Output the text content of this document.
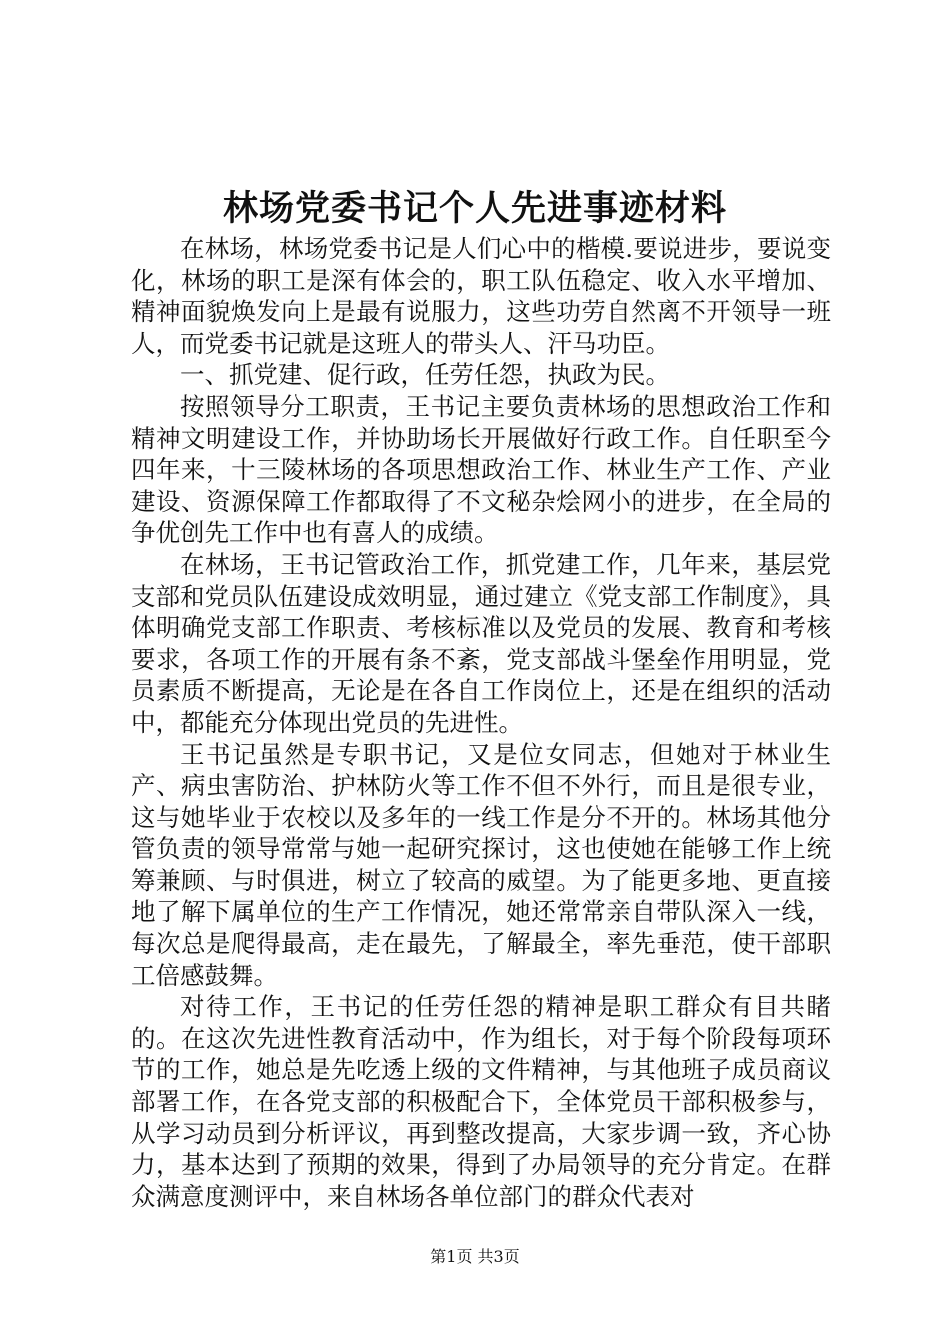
林场党委书记个人先进事迹材料

在林场，林场党委书记是人们心中的楷模.要说进步，要说变化，林场的职工是深有体会的，职工队伍稳定、收入水平增加、精神面貌焕发向上是最有说服力，这些功劳自然离不开领导一班人，而党委书记就是这班人的带头人、汗马功臣。

一、抓党建、促行政，任劳任怨，执政为民。

按照领导分工职责，王书记主要负责林场的思想政治工作和精神文明建设工作，并协助场长开展做好行政工作。自任职至今四年来，十三陵林场的各项思想政治工作、林业生产工作、产业建设、资源保障工作都取得了不文秘杂烩网小的进步，在全局的争优创先工作中也有喜人的成绩。

在林场，王书记管政治工作，抓党建工作，几年来，基层党支部和党员队伍建设成效明显，通过建立《党支部工作制度》，具体明确党支部工作职责、考核标准以及党员的发展、教育和考核要求，各项工作的开展有条不紊，党支部战斗堡垒作用明显，党员素质不断提高，无论是在各自工作岗位上，还是在组织的活动中，都能充分体现出党员的先进性。

王书记虽然是专职书记，又是位女同志，但她对于林业生产、病虫害防治、护林防火等工作不但不外行，而且是很专业，这与她毕业于农校以及多年的一线工作是分不开的。林场其他分管负责的领导常常与她一起研究探讨，这也使她在能够工作上统筹兼顾、与时俱进，树立了较高的威望。为了能更多地、更直接地了解下属单位的生产工作情况，她还常常亲自带队深入一线，每次总是爬得最高，走在最先，了解最全，率先垂范，使干部职工倍感鼓舞。

对待工作，王书记的任劳任怨的精神是职工群众有目共睹的。在这次先进性教育活动中，作为组长，对于每个阶段每项环节的工作，她总是先吃透上级的文件精神，与其他班子成员商议部署工作，在各党支部的积极配合下，全体党员干部积极参与，从学习动员到分析评议，再到整改提高，大家步调一致，齐心协力，基本达到了预期的效果，得到了办局领导的充分肯定。在群众满意度测评中，来自林场各单位部门的群众代表对

第1页 共3页
